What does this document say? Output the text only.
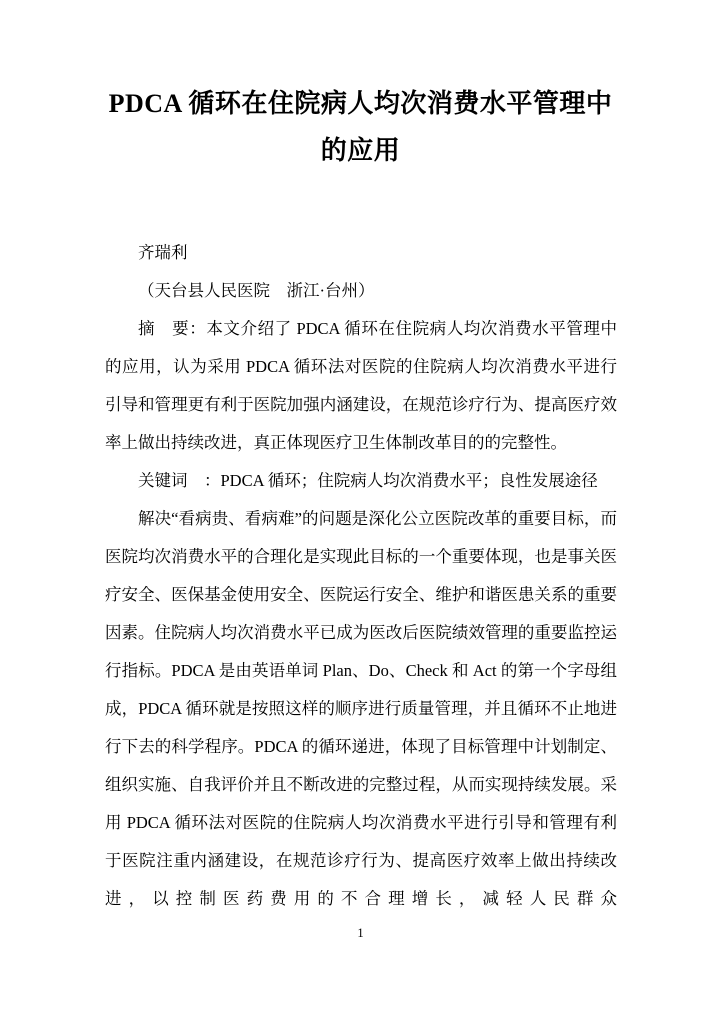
PDCA 循环在住院病人均次消费水平管理中的应用

齐瑞利

（天台县人民医院　浙江·台州）

摘　要：本文介绍了 PDCA 循环在住院病人均次消费水平管理中的应用，认为采用 PDCA 循环法对医院的住院病人均次消费水平进行引导和管理更有利于医院加强内涵建设，在规范诊疗行为、提高医疗效率上做出持续改进，真正体现医疗卫生体制改革目的的完整性。

关键词　：PDCA 循环；住院病人均次消费水平；良性发展途径

解决“看病贵、看病难”的问题是深化公立医院改革的重要目标，而医院均次消费水平的合理化是实现此目标的一个重要体现，也是事关医疗安全、医保基金使用安全、医院运行安全、维护和谐医患关系的重要因素。住院病人均次消费水平已成为医改后医院绩效管理的重要监控运行指标。PDCA 是由英语单词 Plan、Do、Check 和 Act 的第一个字母组成，PDCA 循环就是按照这样的顺序进行质量管理，并且循环不止地进行下去的科学程序。PDCA 的循环递进，体现了目标管理中计划制定、组织实施、自我评价并且不断改进的完整过程，从而实现持续发展。采用 PDCA 循环法对医院的住院病人均次消费水平进行引导和管理有利于医院注重内涵建设，在规范诊疗行为、提高医疗效率上做出持续改进，以控制医药费用的不合理增长，减轻人民群众

1
